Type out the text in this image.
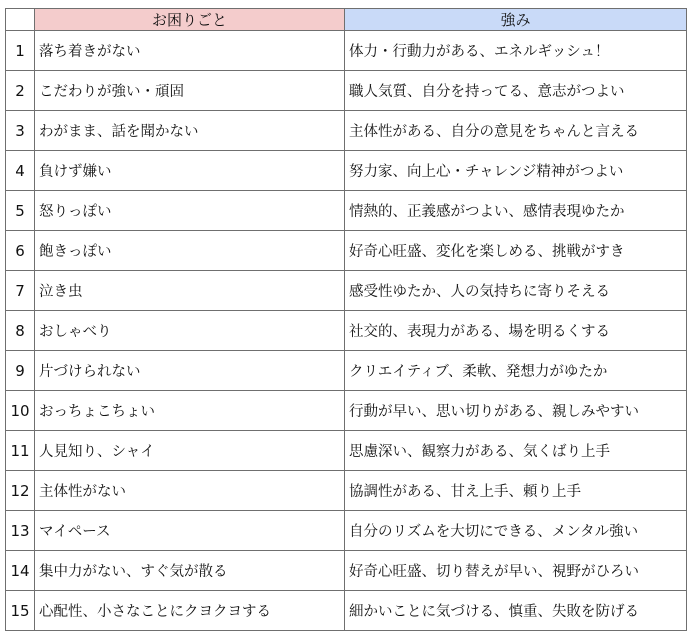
	お困りごと	強み
1	落ち着きがない	体力・行動力がある、エネルギッシュ！
2	こだわりが強い・頑固	職人気質、自分を持ってる、意志がつよい
3	わがまま、話を聞かない	主体性がある、自分の意見をちゃんと言える
4	負けず嫌い	努力家、向上心・チャレンジ精神がつよい
5	怒りっぽい	情熱的、正義感がつよい、感情表現ゆたか
6	飽きっぽい	好奇心旺盛、変化を楽しめる、挑戦がすき
7	泣き虫	感受性ゆたか、人の気持ちに寄りそえる
8	おしゃべり	社交的、表現力がある、場を明るくする
9	片づけられない	クリエイティブ、柔軟、発想力がゆたか
10	おっちょこちょい	行動が早い、思い切りがある、親しみやすい
11	人見知り、シャイ	思慮深い、観察力がある、気くばり上手
12	主体性がない	協調性がある、甘え上手、頼り上手
13	マイペース	自分のリズムを大切にできる、メンタル強い
14	集中力がない、すぐ気が散る	好奇心旺盛、切り替えが早い、視野がひろい
15	心配性、小さなことにクヨクヨする	細かいことに気づける、慎重、失敗を防げる
